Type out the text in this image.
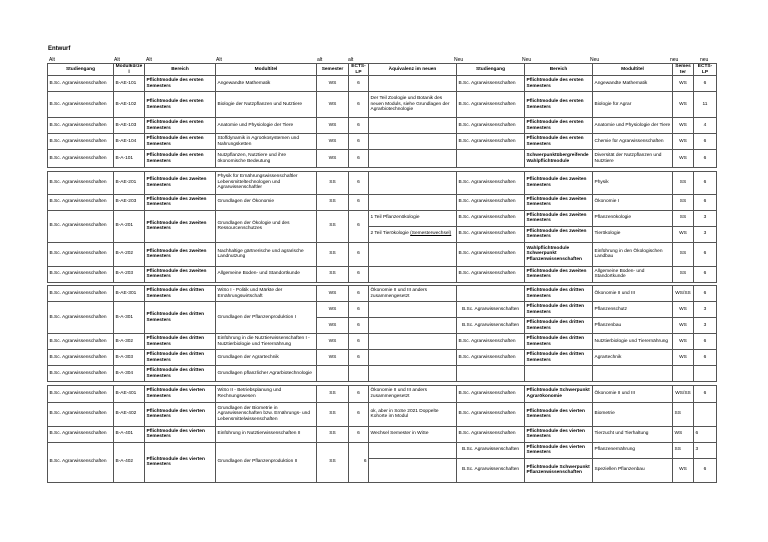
Entwurf
Alt	Alt	Alt	Alt	alt	alt	Neu	Neu	Neu	neu	neu
Studiengang	Modulkürzel	Bereich	Modultitel	Semester	ECTS-LP	Äquivalenz im neuen	Studiengang	Bereich	Modultitel	Semester	ECTS-LP
B.Sc. Agrarwissenschaften	B-AE-101	Pflichtmodule des ersten Semesters	Angewandte Mathematik	WS	6		B.Sc. Agrarwissenschaften	Pflichtmodule des ersten Semesters	Angewandte Mathematik	WS	6
B.Sc. Agrarwissenschaften	B-AE-102	Pflichtmodule des ersten Semesters	Biologie der Nutzpflanzen und Nutztiere	WS	6	Der Teil Zoologie und Botanik des neuen Moduls, siehe Grundlagen der Agrarbiotechnologie	B.Sc. Agrarwissenschaften	Pflichtmodule des ersten Semesters	Biologie für Agrar	WS	11
B.Sc. Agrarwissenschaften	B-AE-103	Pflichtmodule des ersten Semesters	Anatomie und Physiologie der Tiere	WS	6		B.Sc. Agrarwissenschaften	Pflichtmodule des ersten Semesters	Anatomie und Physiologie der Tiere	WS	4
B.Sc. Agrarwissenschaften	B-AE-104	Pflichtmodule des ersten Semesters	Stoffdynamik in Agroökosystemen und Nahrungsketten	WS	6		B.Sc. Agrarwissenschaften	Pflichtmodule des ersten Semesters	Chemie für Agrarwissenschaften	WS	6
B.Sc. Agrarwissenschaften	B-A-101	Pflichtmodule des ersten Semesters	Nutzpflanzen, Nutztiere und ihre ökonomische Bedeutung	WS	6			Schwerpunktübergreifende Wahlpflichtmodule	Diversität der Nutzpflanzen und Nutztiere	WS	6

B.Sc. Agrarwissenschaften	B-AE-201	Pflichtmodule des zweiten Semesters	Physik für Ernährungswissenschaftler Lebensmitteltechnologen und Agrarwissenschaftler	SS	6		B.Sc. Agrarwissenschaften	Pflichtmodule des zweiten Semesters	Physik	SS	6
B.Sc. Agrarwissenschaften	B-AE-203	Pflichtmodule des zweiten Semesters	Grundlagen der Ökonomie	SS	6		B.Sc. Agrarwissenschaften	Pflichtmodule des zweiten Semesters	Ökonomie I	SS	6
B.Sc. Agrarwissenschaften	B-A-201	Pflichtmodule des zweiten Semesters	Grundlagen der Ökologie und des Ressourcenschutzes	SS	6	1 Teil Pflanzenökologie	B.Sc. Agrarwissenschaften	Pflichtmodule des zweiten Semesters	Pflanzenökologie	SS	3
						2 Teil Tierökologie (Semesterwechsel)	B.Sc. Agrarwissenschaften	Pflichtmodule des zweiten Semesters	Tierökologie	WS	3
B.Sc. Agrarwissenschaften	B-A-202	Pflichtmodule des zweiten Semesters	Nachhaltige gärtnerische und agrarische Landnutzung	SS	6		B.Sc. Agrarwissenschaften	Wahlpflichtmodule Schwerpunkt Pflanzenwissenschaften	Einführung in den Ökologischen Landbau	SS	6
B.Sc. Agrarwissenschaften	B-A-203	Pflichtmodule des zweiten Semesters	Allgemeine Boden- und Standortkunde	SS	6		B.Sc. Agrarwissenschaften	Pflichtmodule des zweiten Semesters	Allgemeine Boden- und Standortkunde	SS	6

B.Sc. Agrarwissenschaften	B-AE-301	Pflichtmodule des dritten Semesters	WiSo I - Politik und Märkte der Ernährungswirtschaft	WS	6	Ökonomie II und III anders zusammengesetzt		Pflichtmodule des dritten Semesters	Ökonomie II und III	WS/SS	6
B.Sc. Agrarwissenschaften	B-A-301	Pflichtmodule des dritten Semesters	Grundlagen der Pflanzenproduktion I	WS	6		B.Sc. Agrarwissenschaften	Pflichtmodule des dritten Semesters	Pflanzenschutz	WS	3
				WS	6		B.Sc. Agrarwissenschaften	Pflichtmodule des dritten Semesters	Pflanzenbau	WS	3
B.Sc. Agrarwissenschaften	B-A-302	Pflichtmodule des dritten Semesters	Einführung in die Nutztierwissenschaften I - Nutztierbiologie und Tierernährung	WS	6		B.Sc. Agrarwissenschaften	Pflichtmodule des dritten Semesters	Nutztierbiologie und Tierernährung	WS	6
B.Sc. Agrarwissenschaften	B-A-303	Pflichtmodule des dritten Semesters	Grundlagen der Agrartechnik	WS	6		B.Sc. Agrarwissenschaften	Pflichtmodule des dritten Semesters	Agrartechnik	WS	6
B.Sc. Agrarwissenschaften	B-A-304	Pflichtmodule des dritten Semesters	Grundlagen pflanzlicher Agrarbiotechnologie								

B.Sc. Agrarwissenschaften	B-AE-401	Pflichtmodule des vierten Semesters	WiSo II - Betriebsplanung und Rechnungswesen	SS	6	Ökonomie II und III anders zusammengesetzt	B.Sc. Agrarwissenschaften	Pflichtmodule Schwerpunkt Agrarökonomie	Ökonomie II und III	WS/SS	6
B.Sc. Agrarwissenschaften	B-AE-402	Pflichtmodule des vierten Semesters	Grundlagen der Biometrie in Agrarwissenschaften bzw. Ernährungs- und Lebensmittelwissenschaften	SS	6	ok, aber in SoSe 2021 Doppelte Kohorte im Modul	B.Sc. Agrarwissenschaften	Pflichtmodule des vierten Semesters	Biometrie	SS	
B.Sc. Agrarwissenschaften	B-A-401	Pflichtmodule des vierten Semesters	Einführung in Nutztierwissenschaften II	SS	6	Wechsel Semester in WiSe	B.Sc. Agrarwissenschaften	Pflichtmodule des vierten Semesters	Tierzucht und Tierhaltung	WS	6
B.Sc. Agrarwissenschaften	B-A-402	Pflichtmodule des vierten Semesters	Grundlagen der Pflanzenproduktion II	SS	6		B.Sc. Agrarwissenschaften	Pflichtmodule des vierten Semesters	Pflanzenernährung	SS	3
							B.Sc. Agrarwissenschaften	Pflichtmodule Schwerpunkt Pflanzenwissenschaften	Speziellen Pflanzenbau	WS	6
